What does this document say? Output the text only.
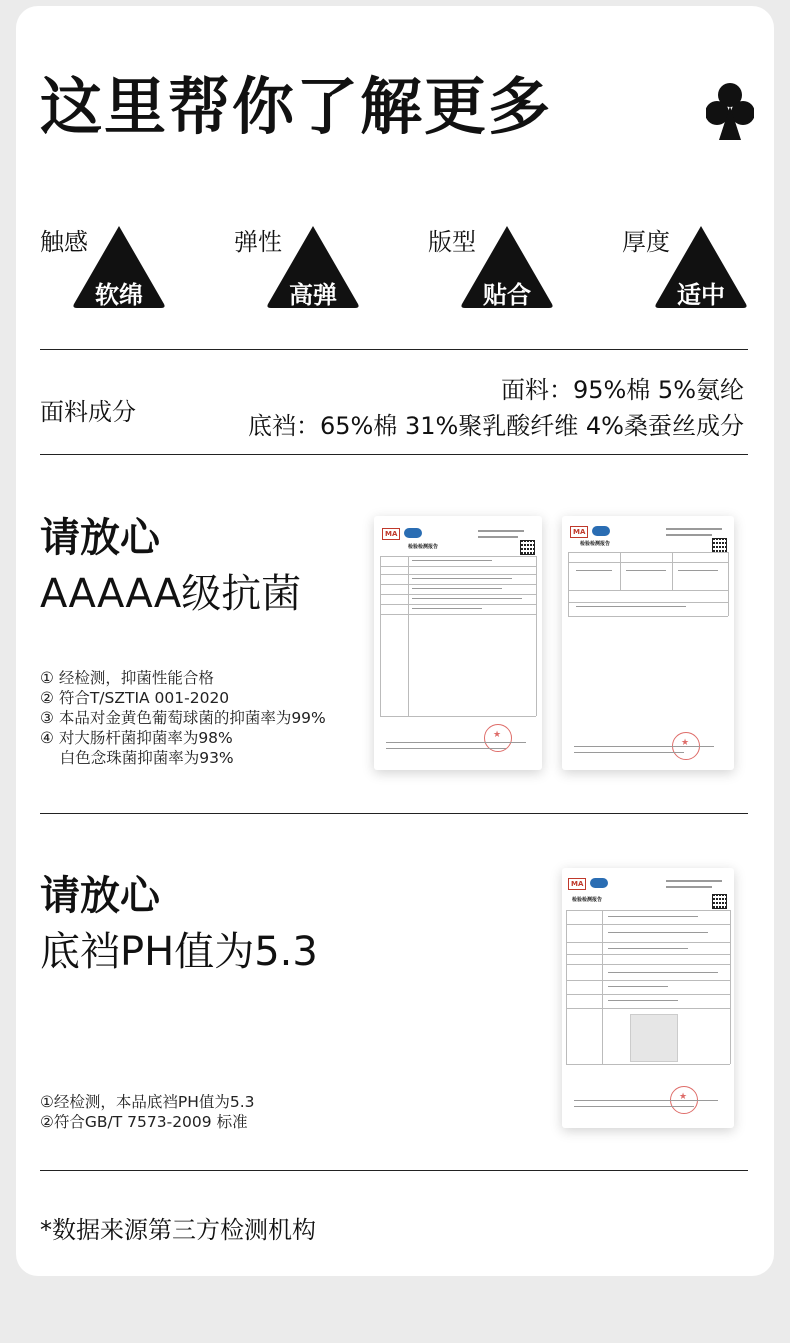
这里帮你了解更多
触感
软绵
弹性
高弹
版型
贴合
厚度
适中
面料成分
面料：95%棉 5%氨纶
底裆：65%棉 31%聚乳酸纤维 4%桑蚕丝成分
请放心
AAAAA级抗菌
① 经检测，抑菌性能合格
② 符合T/SZTIA 001-2020
③ 本品对金黄色葡萄球菌的抑菌率为99%
④ 对大肠杆菌抑菌率为98%
白色念珠菌抑菌率为93%
MA
检验检测报告
★
MA
检验检测报告
★
请放心
底裆PH值为5.3
①经检测，本品底裆PH值为5.3
②符合GB/T 7573-2009 标准
MA
检验检测报告
★
*数据来源第三方检测机构
